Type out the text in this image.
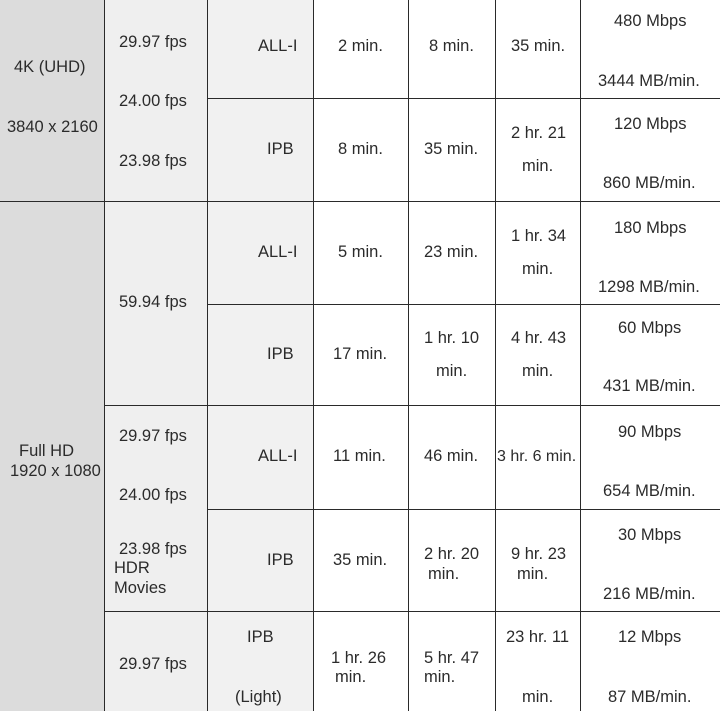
4K (UHD)
3840 x 2160
Full HD
1920 x 1080
29.97 fps
24.00 fps
23.98 fps
59.94 fps
29.97 fps
24.00 fps
23.98 fps
HDR
Movies
29.97 fps
ALL-I
IPB
ALL-I
IPB
ALL-I
IPB
IPB
(Light)
2 min.
8 min.
5 min.
17 min.
11 min.
35 min.
1 hr. 26
min.
8 min.
35 min.
23 min.
1 hr. 10
min.
46 min.
2 hr. 20
min.
5 hr. 47
min.
35 min.
2 hr. 21
min.
1 hr. 34
min.
4 hr. 43
min.
3 hr. 6 min.
9 hr. 23
min.
23 hr. 11
min.
480 Mbps
3444 MB/min.
120 Mbps
860 MB/min.
180 Mbps
1298 MB/min.
60 Mbps
431 MB/min.
90 Mbps
654 MB/min.
30 Mbps
216 MB/min.
12 Mbps
87 MB/min.
